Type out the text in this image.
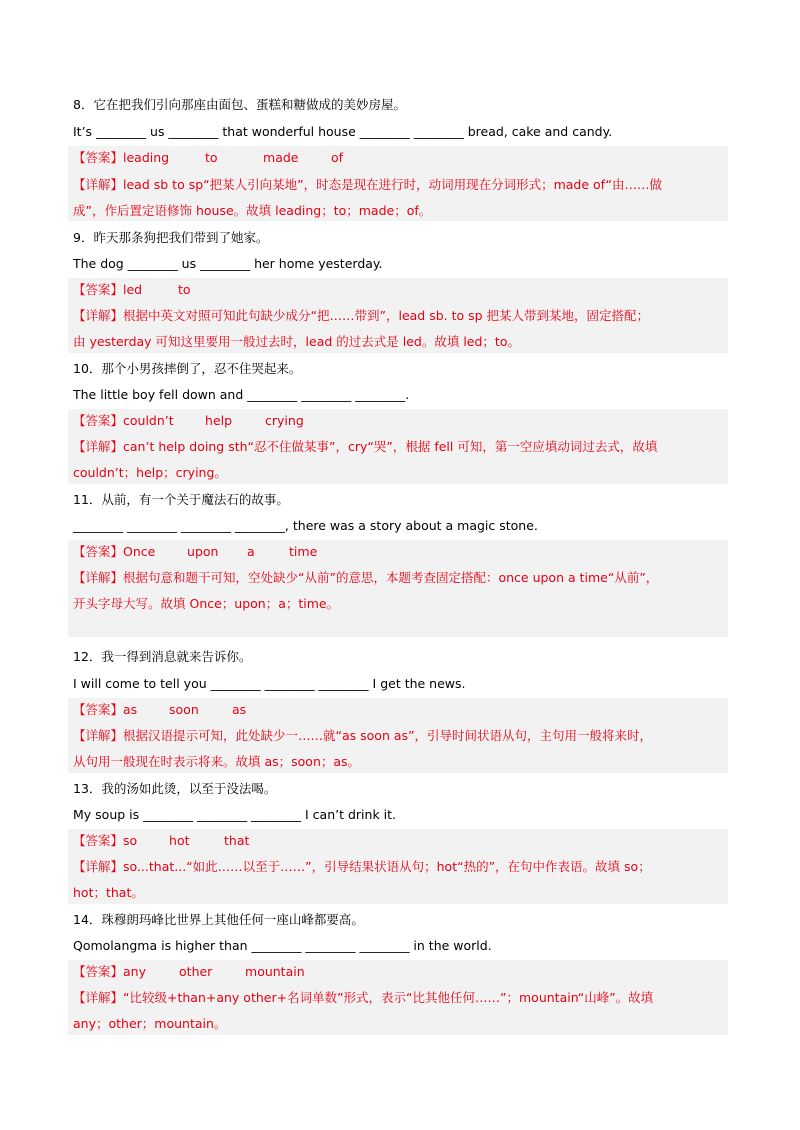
8．它在把我们引向那座由面包、蛋糕和糖做成的美妙房屋。
It’s ________ us ________ that wonderful house ________ ________ bread, cake and candy.
【答案】leading	to	made	of
【详解】lead sb to sp“把某人引向某地”，时态是现在进行时，动词用现在分词形式；made of“由……做
成”，作后置定语修饰 house。故填 leading；to；made；of。
9．昨天那条狗把我们带到了她家。
The dog ________ us ________ her home yesterday.
【答案】led	to
【详解】根据中英文对照可知此句缺少成分“把……带到”，lead sb. to sp 把某人带到某地，固定搭配；
由 yesterday 可知这里要用一般过去时，lead 的过去式是 led。故填 led；to。
10．那个小男孩摔倒了，忍不住哭起来。
The little boy fell down and ________ ________ ________.
【答案】couldn’t	help	crying
【详解】can’t help doing sth“忍不住做某事”，cry“哭”，根据 fell 可知，第一空应填动词过去式，故填
couldn’t；help；crying。
11．从前，有一个关于魔法石的故事。
________ ________ ________ ________, there was a story about a magic stone.
【答案】Once	upon a	time
【详解】根据句意和题干可知，空处缺少“从前”的意思，本题考查固定搭配：once upon a time“从前”，
开头字母大写。故填 Once；upon；a；time。
12．我一得到消息就来告诉你。
I will come to tell you ________ ________ ________ I get the news.
【答案】as	soon	as
【详解】根据汉语提示可知，此处缺少一……就“as soon as”，引导时间状语从句，主句用一般将来时，
从句用一般现在时表示将来。故填 as；soon；as。
13．我的汤如此烫，以至于没法喝。
My soup is ________ ________ ________ I can’t drink it.
【答案】so	hot	that
【详解】so...that...“如此……以至于……”，引导结果状语从句；hot“热的”，在句中作表语。故填 so；
hot；that。
14．珠穆朗玛峰比世界上其他任何一座山峰都要高。
Qomolangma is higher than ________ ________ ________ in the world.
【答案】any	other	mountain
【详解】“比较级+than+any other+名词单数”形式，表示“比其他任何……”；mountain“山峰”。故填
any；other；mountain。
